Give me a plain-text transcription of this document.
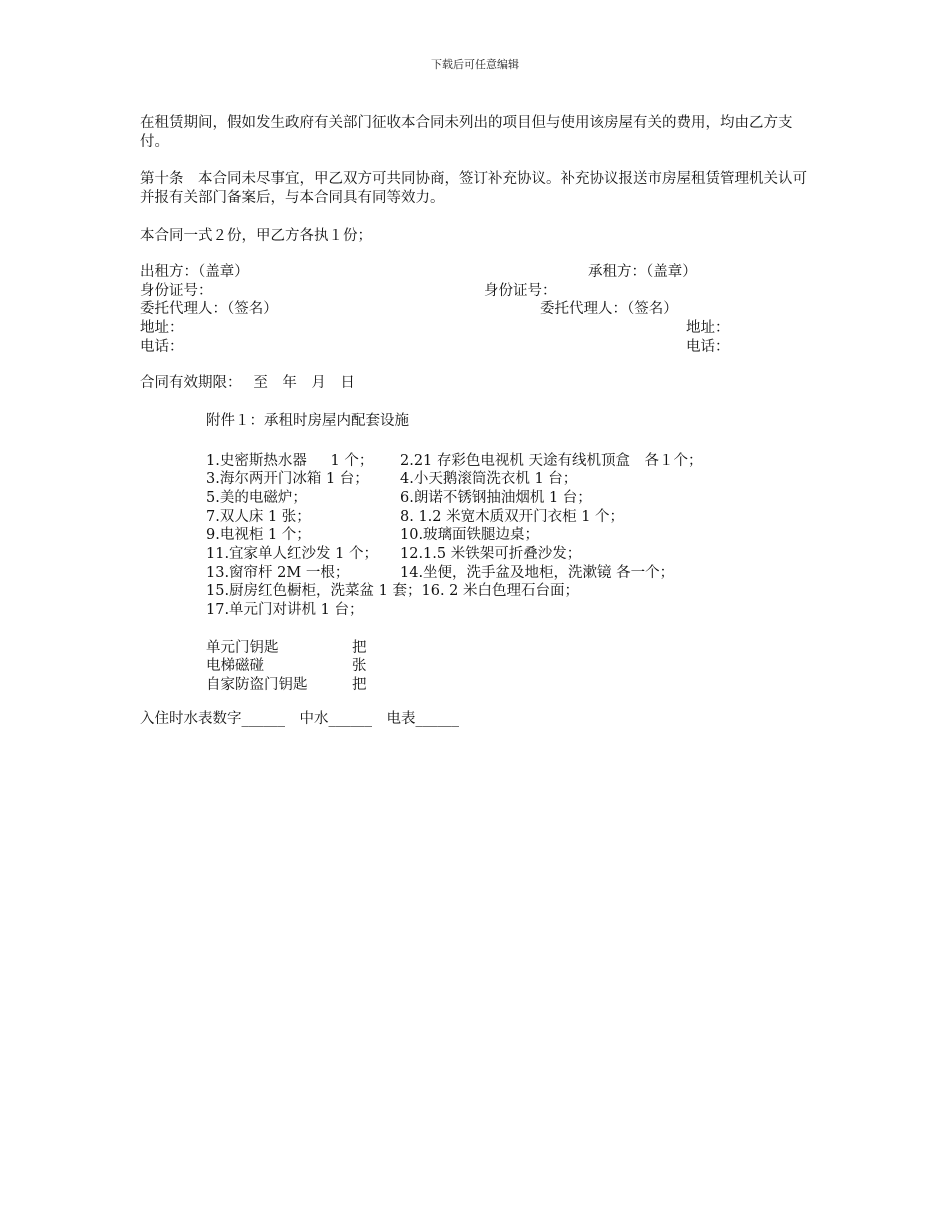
下载后可任意编辑
在租赁期间，假如发生政府有关部门征收本合同未列出的项目但与使用该房屋有关的费用，均由乙方支付。
第十条　本合同未尽事宜，甲乙双方可共同协商，签订补充协议。补充协议报送市房屋租赁管理机关认可并报有关部门备案后，与本合同具有同等效力。
本合同一式２份，甲乙方各执１份；
出租方：（盖章）	承租方：（盖章）
身份证号：	身份证号：
委托代理人：（签名）	委托代理人：（签名）
地址：	地址：
电话：	电话：
合同有效期限：　 至　年　月　日
附件１：承租时房屋内配套设施
1.史密斯热水器 　 1 个； 2.21 存彩色电视机 天途有线机顶盒　各１个；
3.海尔两开门冰箱 1 台； 4.小天鹅滚筒洗衣机 1 台；
5.美的电磁炉；	6.朗诺不锈钢抽油烟机 1 台；
7.双人床 1 张；	8. 1.2 米宽木质双开门衣柜 1 个；
9.电视柜 1 个；	10.玻璃面铁腿边桌；
11.宜家单人红沙发 1 个； 12.1.5 米铁架可折叠沙发；
13.窗帘杆 2M 一根；	14.坐便，洗手盆及地柜，洗漱镜 各一个；
15.厨房红色橱柜，洗菜盆 1 套；16. 2 米白色理石台面；
17.单元门对讲机 1 台；
单元门钥匙	把
电梯磁碰	张
自家防盗门钥匙	把
入住时水表数字______　中水______　电表______
